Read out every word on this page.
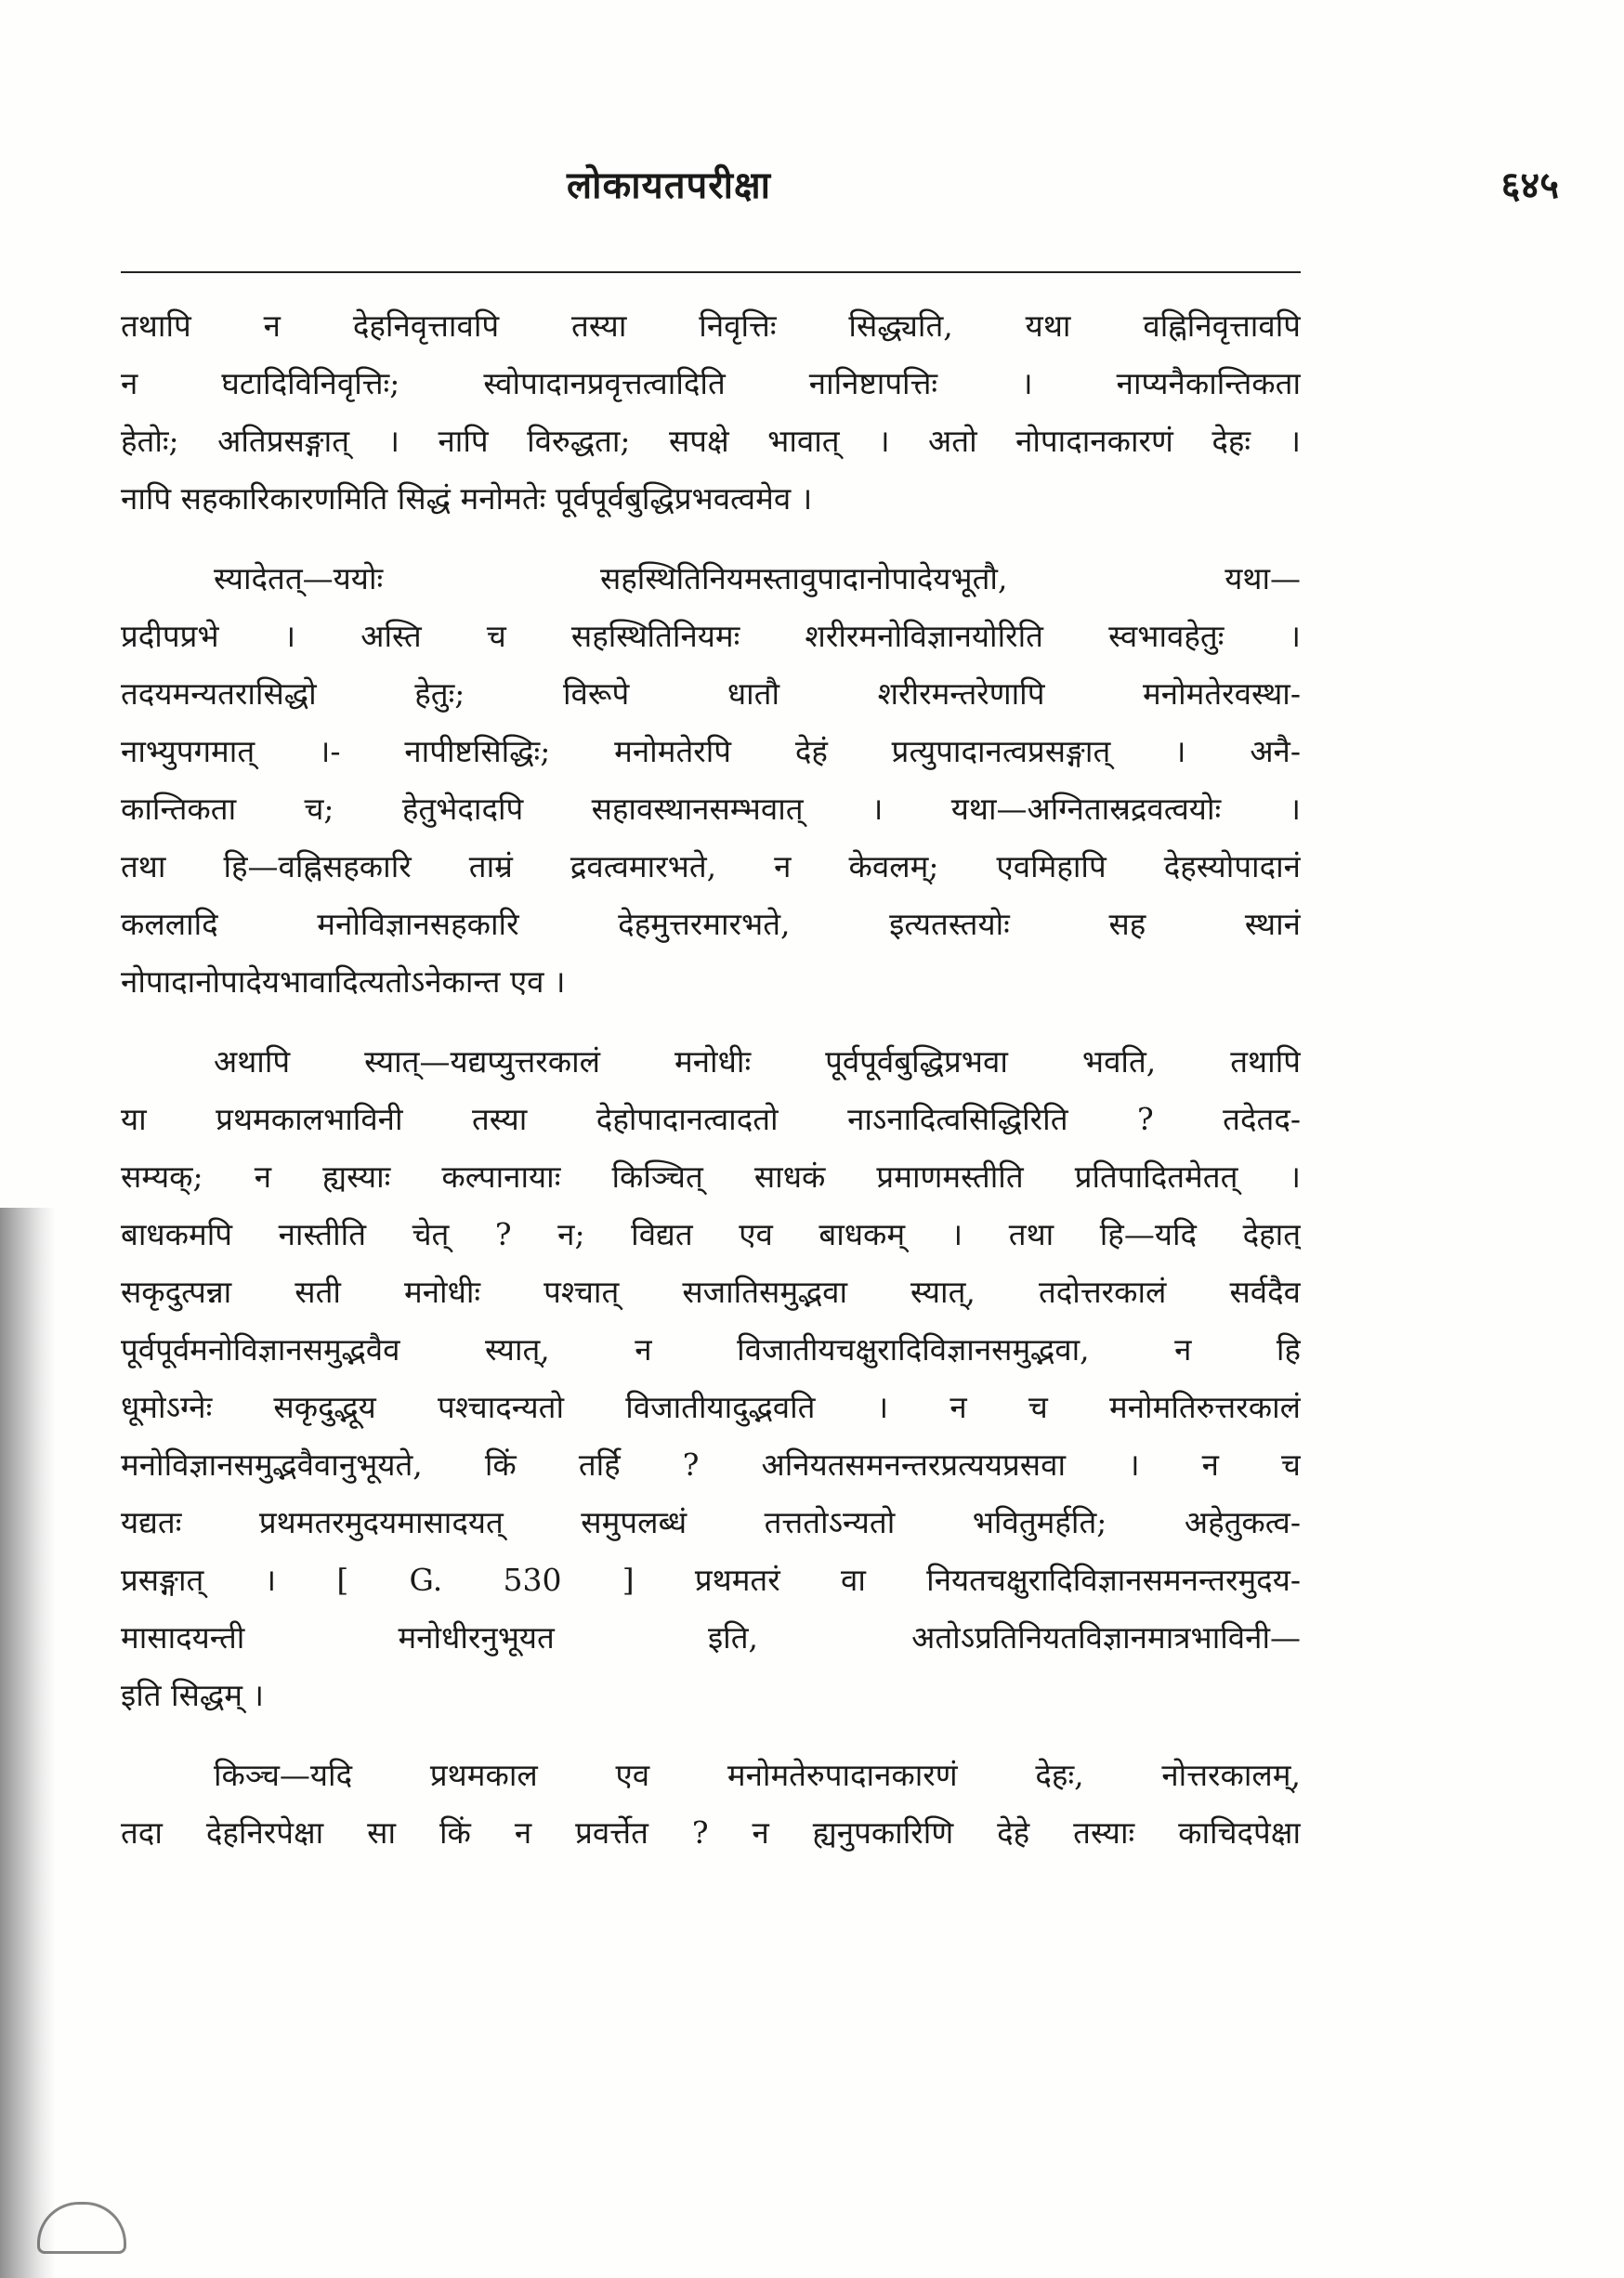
लोकायतपरीक्षा	६४५
तथापि न देहनिवृत्तावपि तस्या निवृत्तिः सिद्ध्यति, यथा वह्निनिवृत्तावपि
न घटादिविनिवृत्तिः; स्वोपादानप्रवृत्तत्वादिति नानिष्टापत्तिः । नाप्यनैकान्तिकता
हेतोः; अतिप्रसङ्गात् । नापि विरुद्धता; सपक्षे भावात् । अतो नोपादानकारणं देहः ।
नापि सहकारिकारणमिति सिद्धं मनोमतेः पूर्वपूर्वबुद्धिप्रभवत्वमेव ।
स्यादेतत्—ययोः सहस्थितिनियमस्तावुपादानोपादेयभूतौ, यथा—
प्रदीपप्रभे । अस्ति च सहस्थितिनियमः शरीरमनोविज्ञानयोरिति स्वभावहेतुः ।
तदयमन्यतरासिद्धो हेतुः; विरूपे धातौ शरीरमन्तरेणापि मनोमतेरवस्था-
नाभ्युपगमात् ।- नापीष्टसिद्धिः; मनोमतेरपि देहं प्रत्युपादानत्वप्रसङ्गात् । अनै-
कान्तिकता च; हेतुभेदादपि सहावस्थानसम्भवात् । यथा—अग्नितास्रद्रवत्वयोः ।
तथा हि—वह्निसहकारि ताम्रं द्रवत्वमारभते, न केवलम्; एवमिहापि देहस्योपादानं
कललादि मनोविज्ञानसहकारि देहमुत्तरमारभते, इत्यतस्तयोः सह स्थानं
नोपादानोपादेयभावादित्यतोऽनेकान्त एव ।
अथापि स्यात्—यद्यप्युत्तरकालं मनोधीः पूर्वपूर्वबुद्धिप्रभवा भवति, तथापि
या प्रथमकालभाविनी तस्या देहोपादानत्वादतो नाऽनादित्वसिद्धिरिति ? तदेतद-
सम्यक्; न ह्यस्याः कल्पानायाः किञ्चित् साधकं प्रमाणमस्तीति प्रतिपादितमेतत् ।
बाधकमपि नास्तीति चेत् ? न; विद्यत एव बाधकम् । तथा हि—यदि देहात्
सकृदुत्पन्ना सती मनोधीः पश्चात् सजातिसमुद्भवा स्यात्, तदोत्तरकालं सर्वदैव
पूर्वपूर्वमनोविज्ञानसमुद्भवैव स्यात्, न विजातीयचक्षुरादिविज्ञानसमुद्भवा, न हि
धूमोऽग्नेः सकृदुद्भूय पश्चादन्यतो विजातीयादुद्भवति । न च मनोमतिरुत्तरकालं
मनोविज्ञानसमुद्भवैवानुभूयते, किं तर्हि ? अनियतसमनन्तरप्रत्ययप्रसवा । न च
यद्यतः प्रथमतरमुदयमासादयत् समुपलब्धं तत्ततोऽन्यतो भवितुमर्हति; अहेतुकत्व-
प्रसङ्गात् । [ G. 530 ] प्रथमतरं वा नियतचक्षुरादिविज्ञानसमनन्तरमुदय-
मासादयन्ती मनोधीरनुभूयत इति, अतोऽप्रतिनियतविज्ञानमात्रभाविनी—
इति सिद्धम् ।
किञ्च—यदि प्रथमकाल एव मनोमतेरुपादानकारणं देहः, नोत्तरकालम्,
तदा देहनिरपेक्षा सा किं न प्रवर्त्तेत ? न ह्यनुपकारिणि देहे तस्याः काचिदपेक्षा
